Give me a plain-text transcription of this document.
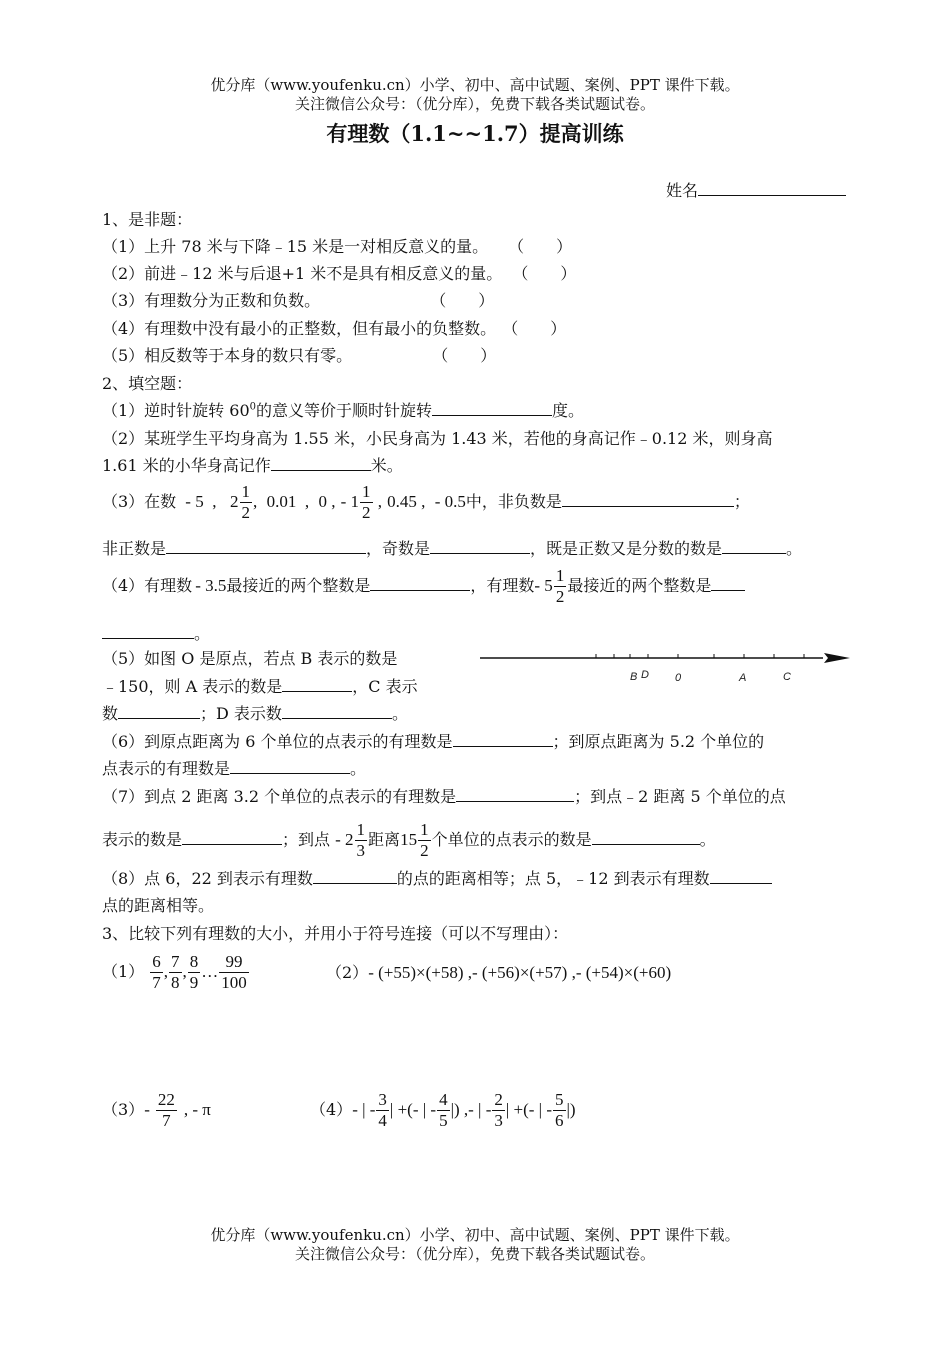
优分库（www.youfenku.cn）小学、初中、高中试题、案例、PPT 课件下载。
关注微信公众号：（优分库），免费下载各类试题试卷。
有理数（1.1~~1.7）提高训练
姓名
1、是非题：
（1）上升 78 米与下降﹣15 米是一对相反意义的量。 （　　）
（2）前进﹣12 米与后退+1 米不是具有相反意义的量。 （　　）
（3）有理数分为正数和负数。	（　　）
（4）有理数中没有最小的正整数，但有最小的负整数。 （　　）
（5）相反数等于本身的数只有零。	（　　）
2、填空题：
（1）逆时针旋转 $60^0$的意义等价于顺时针旋转	度。
（2）某班学生平均身高为 1.55 米，小民身高为 1.43 米，若他的身高记作﹣0.12 米，则身高
1.61 米的小华身高记作	米。
（3）在数 - 5  ,   $2 \frac{1}{2}$ ,  0.01  ,  0 , - $1 \frac{1}{2}$ , 0.45 ,  - 0.5中，非负数是	；
非正数是	，奇数是	，既是正数又是分数的数是	。
（4）有理数 - 3.5最接近的两个整数是	，有理数- $5 \frac{1}{2}$ 最接近的两个整数是
。
（5）如图 O 是原点，若点 B 表示的数是
﹣150，则 A 表示的数是	，C 表示
数	；D 表示数	。
B D 0	A	C
（6）到原点距离为 6 个单位的点表示的有理数是	；到原点距离为 5.2 个单位的
点表示的有理数是	。
（7）到点 2 距离 3.2 个单位的点表示的有理数是	；到点﹣2 距离 5 个单位的点
表示的数是	；到点 - $2 \frac{1}{3}$ 距离$15 \frac{1}{2}$ 个单位的点表示的数是	。
（8）点 6，22 到表示有理数	的点的距离相等；点 5，﹣12 到表示有理数
点的距离相等。
3、比较下列有理数的大小，并用小于符号连接（可以不写理由）：
$(1) \frac{6}{7}$ , $\frac{7}{8}$ , $\frac{8}{9}$ … $\frac{99}{100}$	（2）- (+55)×(+58) ,- (+56)×(+57) ,- (+54)×(+60)
$(3)- \frac{22}{7}$ , - π	（4）- | - $\frac{3}{4}$ | +(- | - $\frac{4}{5}$ |) ,- | - $\frac{2}{3}$ | +(- | - $\frac{5}{6}$ |)
优分库（www.youfenku.cn）小学、初中、高中试题、案例、PPT 课件下载。
关注微信公众号：（优分库），免费下载各类试题试卷。
